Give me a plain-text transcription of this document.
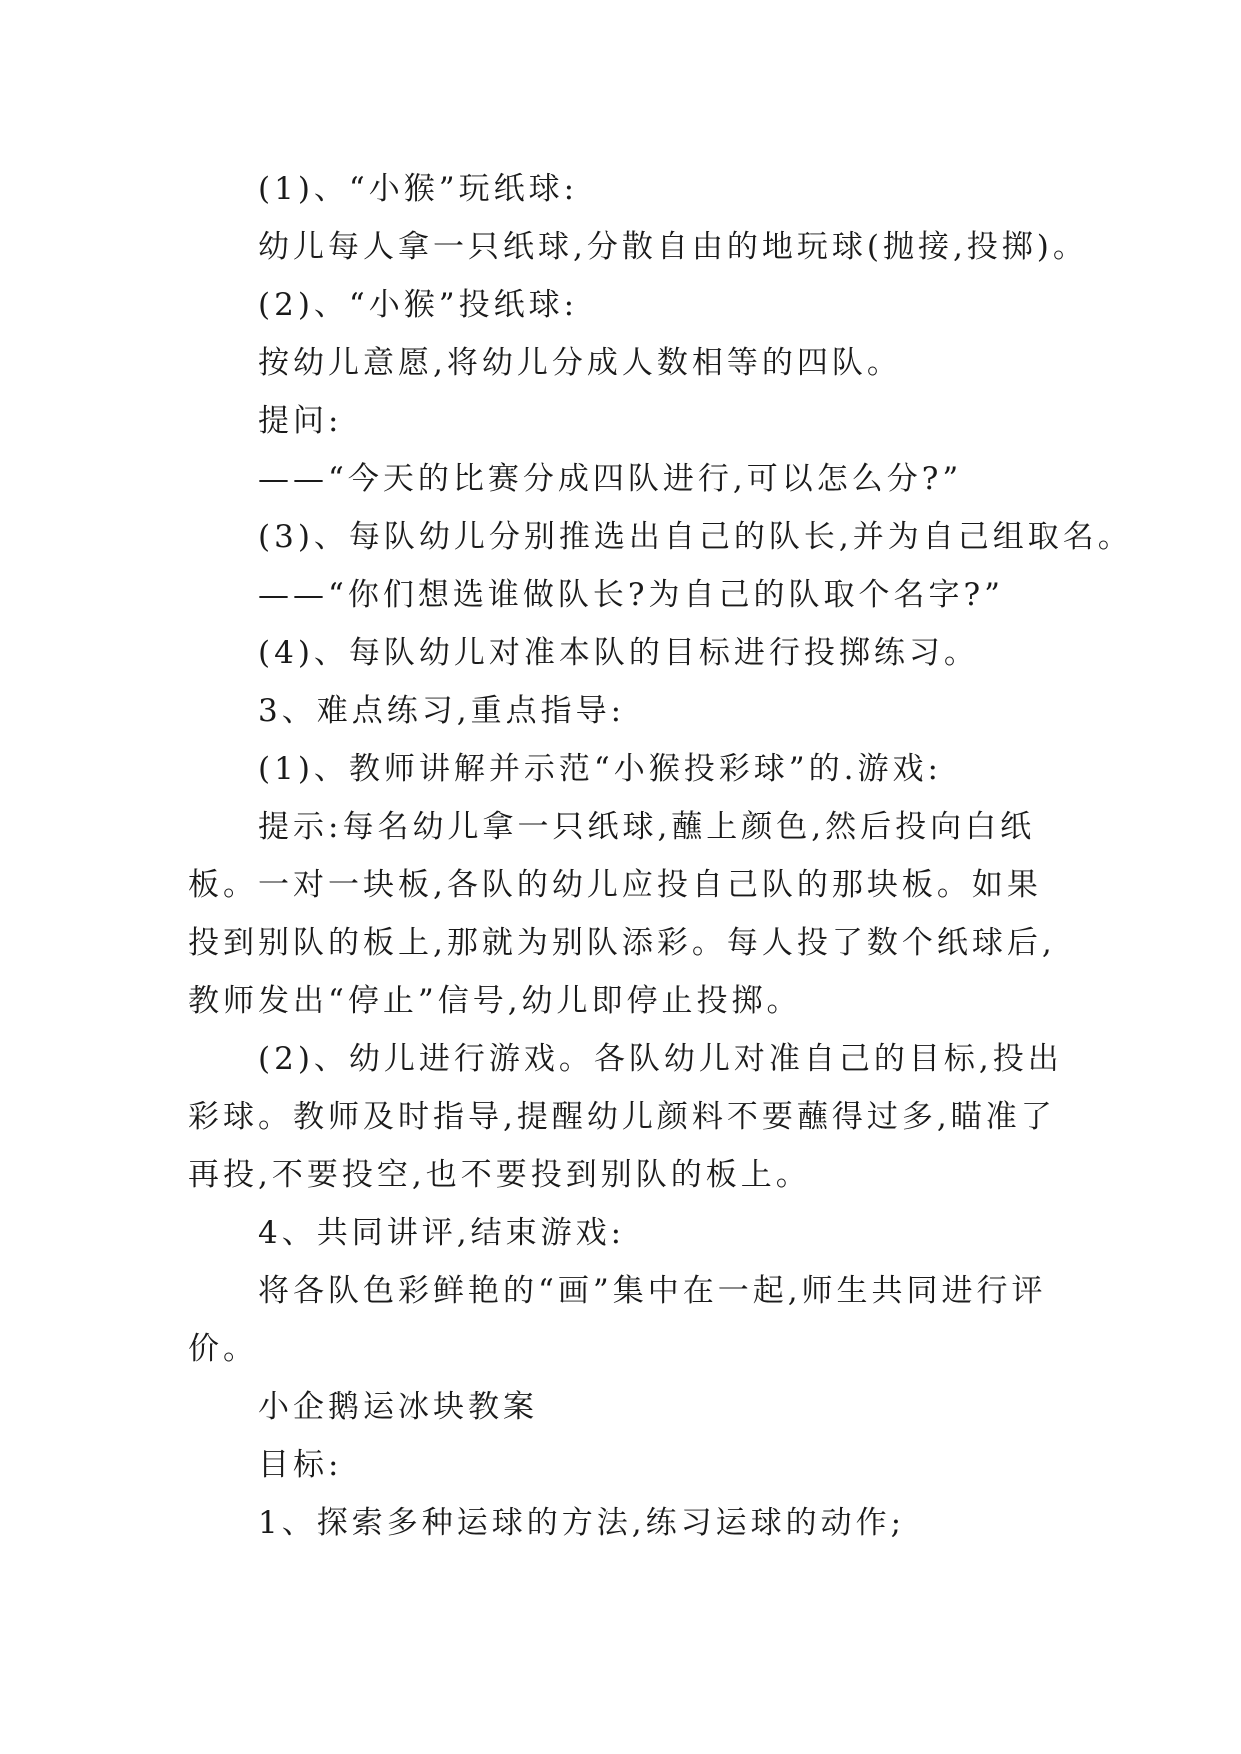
(1)、“小猴”玩纸球:

幼儿每人拿一只纸球,分散自由的地玩球(抛接,投掷)。

(2)、“小猴”投纸球:

按幼儿意愿,将幼儿分成人数相等的四队。

提问:

——“今天的比赛分成四队进行,可以怎么分?”

(3)、每队幼儿分别推选出自己的队长,并为自己组取名。

——“你们想选谁做队长?为自己的队取个名字?”

(4)、每队幼儿对准本队的目标进行投掷练习。

3、难点练习,重点指导:

(1)、教师讲解并示范“小猴投彩球”的.游戏:

提示:每名幼儿拿一只纸球,蘸上颜色,然后投向白纸板。一对一块板,各队的幼儿应投自己队的那块板。如果投到别队的板上,那就为别队添彩。每人投了数个纸球后,教师发出“停止”信号,幼儿即停止投掷。

(2)、幼儿进行游戏。各队幼儿对准自己的目标,投出彩球。教师及时指导,提醒幼儿颜料不要蘸得过多,瞄准了再投,不要投空,也不要投到别队的板上。

4、共同讲评,结束游戏:

将各队色彩鲜艳的“画”集中在一起,师生共同进行评价。

小企鹅运冰块教案

目标:

1、探索多种运球的方法,练习运球的动作;
